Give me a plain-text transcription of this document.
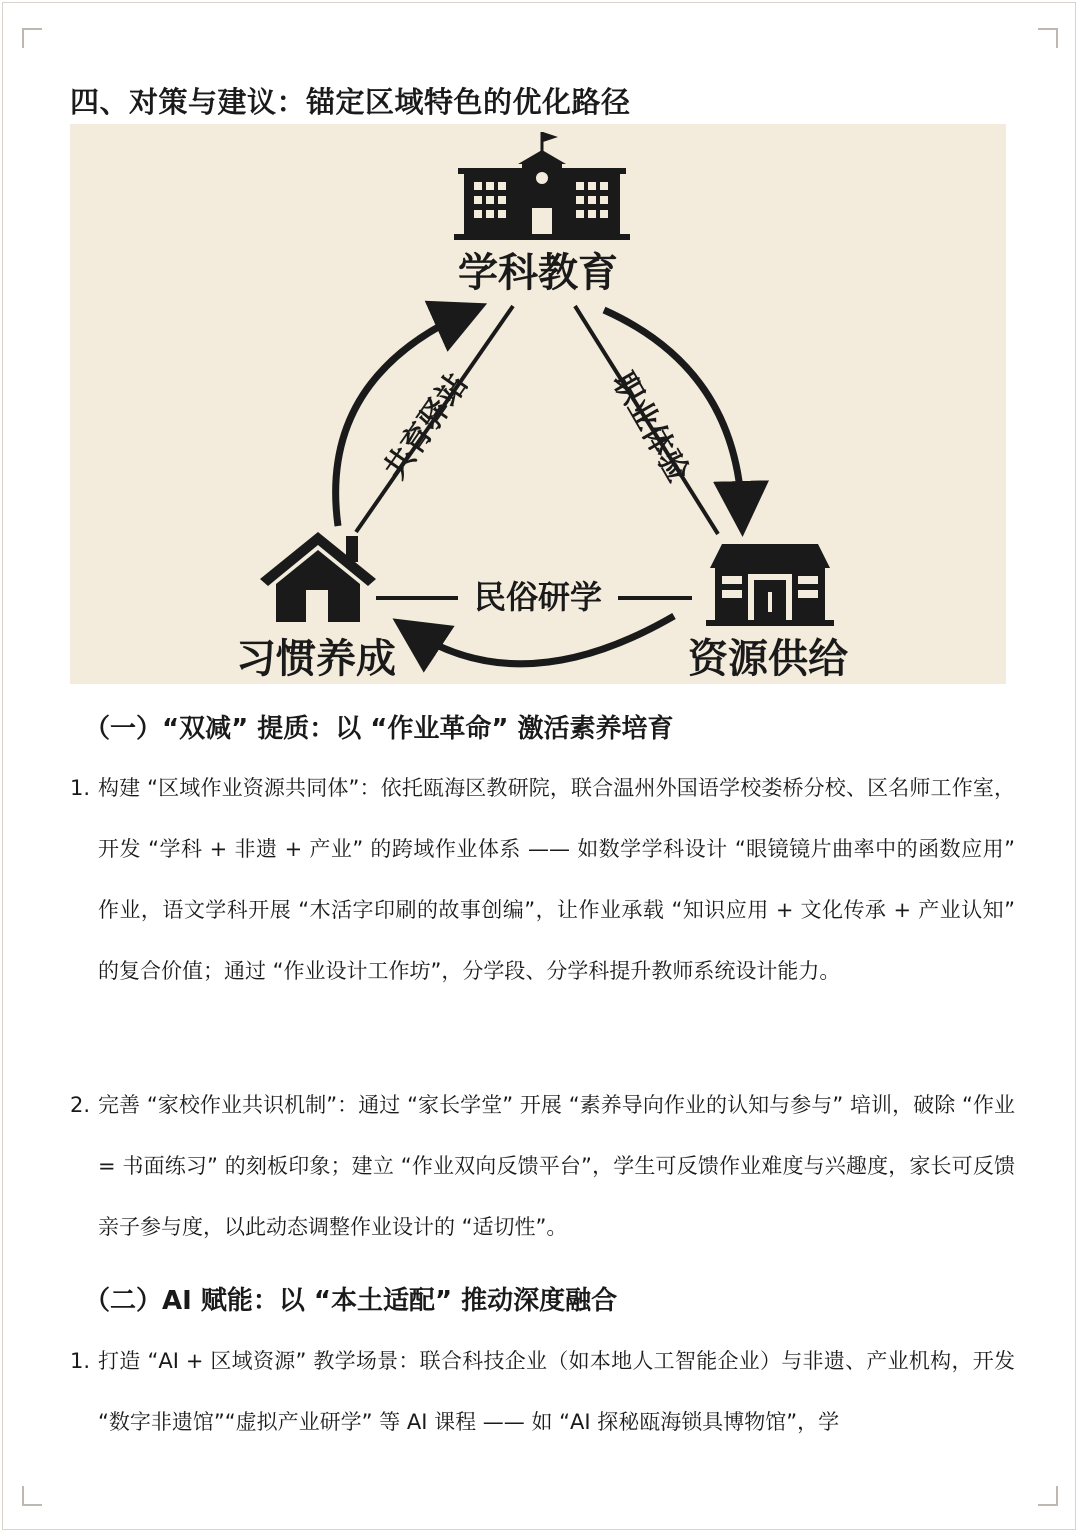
四、对策与建议：锚定区域特色的优化路径
学科教育
习惯养成	资源供给
共育驿站	职业体验
民俗研学
（一）“双减” 提质：以 “作业革命” 激活素养培育
1. 构建 “区域作业资源共同体”：依托瓯海区教研院，联合温州外国语学校娄桥分校、区名师工作室，开发 “学科 + 非遗 + 产业” 的跨域作业体系 —— 如数学学科设计 “眼镜镜片曲率中的函数应用” 作业，语文学科开展 “木活字印刷的故事创编”，让作业承载 “知识应用 + 文化传承 + 产业认知” 的复合价值；通过 “作业设计工作坊”，分学段、分学科提升教师系统设计能力。
2. 完善 “家校作业共识机制”：通过 “家长学堂” 开展 “素养导向作业的认知与参与” 培训，破除 “作业 = 书面练习” 的刻板印象；建立 “作业双向反馈平台”，学生可反馈作业难度与兴趣度，家长可反馈亲子参与度，以此动态调整作业设计的 “适切性”。
（二）AI 赋能：以 “本土适配” 推动深度融合
1. 打造 “AI + 区域资源” 教学场景：联合科技企业（如本地人工智能企业）与非遗、产业机构，开发 “数字非遗馆”“虚拟产业研学” 等 AI 课程 —— 如 “AI 探秘瓯海锁具博物馆”，学
